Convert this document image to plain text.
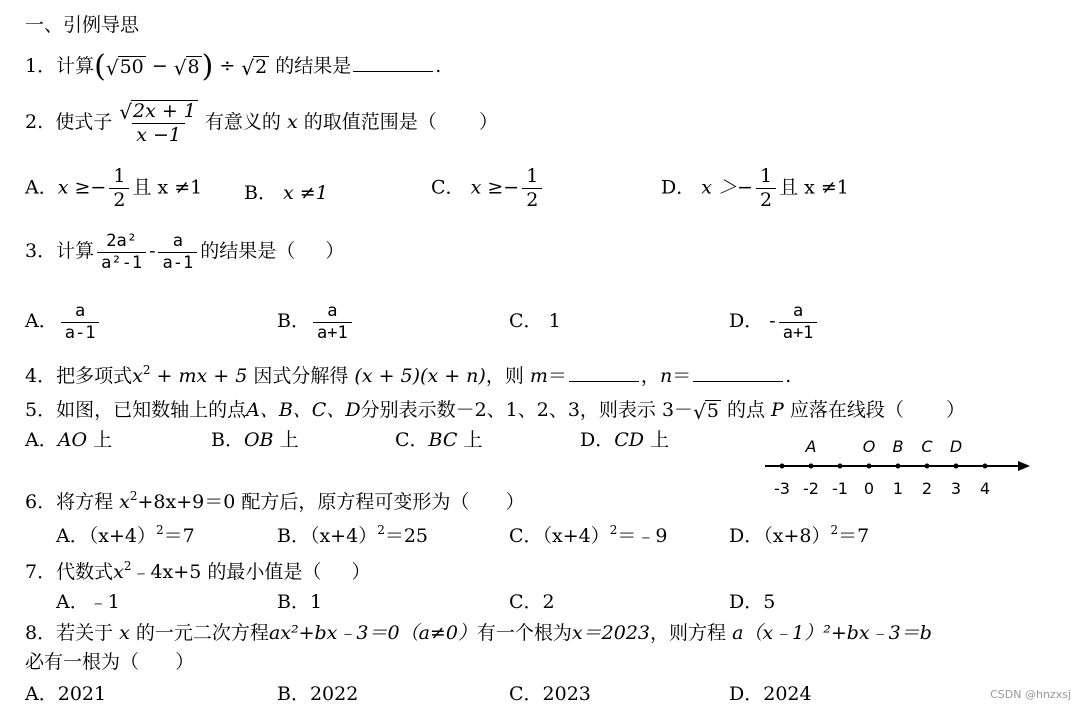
一、引例导思
1．计算( √ 50 − √ 8 ) ÷ √ 2 的结果是	.
2. 使式子 $\frac{√ 2x + 1}{x -1}$ 有意义的 x 的取值范围是（ ）
A．$x \ge- \frac{1}{2}$ 且 x ≠1 B． x ≠1	C． $x \ge- \frac{1}{2}$	D． $x >- \frac{1}{2}$ 且 x ≠1
3．计算 $\frac{\text{2a²}}{\text{a²-1}} - \frac{a}{a-1}$ 的结果是（ ）
A． $\frac{a}{a-1}$	B． $\frac{a}{a+1}$	C． 1	D． - $\frac{a}{a+1}$
4．把多项式$x^2$ + mx + 5 因式分解得 (x + 5)(x + n)，则 m＝	，n＝	.
5．如图，已知数轴上的点A、B、C、D分别表示数－2、1、2、3，则表示 3－ √ 5 的点 P 应落在线段（ ）
A．AO 上	B．OB 上	C．BC 上	D．CD 上
-3 -2 -1 0 1 2 3 4
A	O B C D
6．将方程 $x^2+8x+9=0$ 配方后，原方程可变形为（ ）
A．$(x+4)^2=7$	B．$(x+4)^2=25$	C．$(x+4)^2=﹣9$	D．$(x+8)^2=7$
7．代数式$x^2﹣4x+5$ 的最小值是（ ）
A．﹣1	B．1	C．2	D．5
8．若关于 x 的一元二次方程ax²+bx﹣3＝0（a≠0）有一个根为x＝2023，则方程 a（x﹣1）²+bx﹣3＝b
必有一根为（ ）
A．2021	B．2022	C．2023	D．2024	CSDN @hnzxsj
